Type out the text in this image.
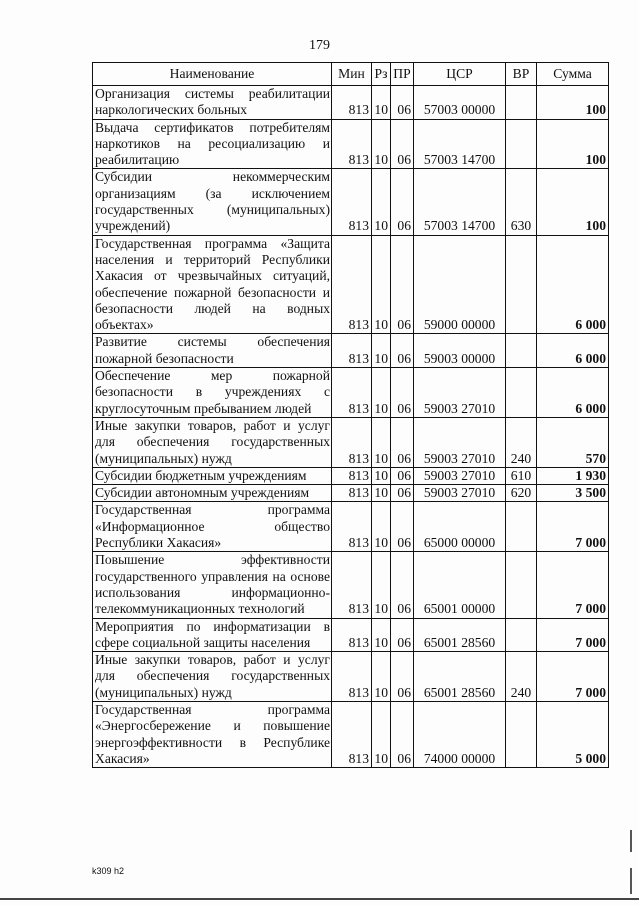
179
Наименование	Мин	Рз	ПР	ЦСР	ВР	Сумма
Организация системы реабилитации наркологических больных	813	10	06	57003 00000		100
Выдача сертификатов потребителям наркотиков на ресоциализацию и реабилитацию	813	10	06	57003 14700		100
Субсидии некоммерческим организациям (за исключением государственных (муниципальных) учреждений)	813	10	06	57003 14700	630	100
Государственная программа «Защита населения и территорий Республики Хакасия от чрезвычайных ситуаций, обеспечение пожарной безопасности и безопасности людей на водных объектах»	813	10	06	59000 00000		6 000
Развитие системы обеспечения пожарной безопасности	813	10	06	59003 00000		6 000
Обеспечение мер пожарной безопасности в учреждениях с круглосуточным пребыванием людей	813	10	06	59003 27010		6 000
Иные закупки товаров, работ и услуг для обеспечения государственных (муниципальных) нужд	813	10	06	59003 27010	240	570
Субсидии бюджетным учреждениям	813	10	06	59003 27010	610	1 930
Субсидии автономным учреждениям	813	10	06	59003 27010	620	3 500
Государственная программа «Информационное общество Республики Хакасия»	813	10	06	65000 00000		7 000
Повышение эффективности государственного управления на основе использования информационно-телекоммуникационных технологий	813	10	06	65001 00000		7 000
Мероприятия по информатизации в сфере социальной защиты населения	813	10	06	65001 28560		7 000
Иные закупки товаров, работ и услуг для обеспечения государственных (муниципальных) нужд	813	10	06	65001 28560	240	7 000
Государственная программа «Энергосбережение и повышение энергоэффективности в Республике Хакасия»	813	10	06	74000 00000		5 000
k309 h2
